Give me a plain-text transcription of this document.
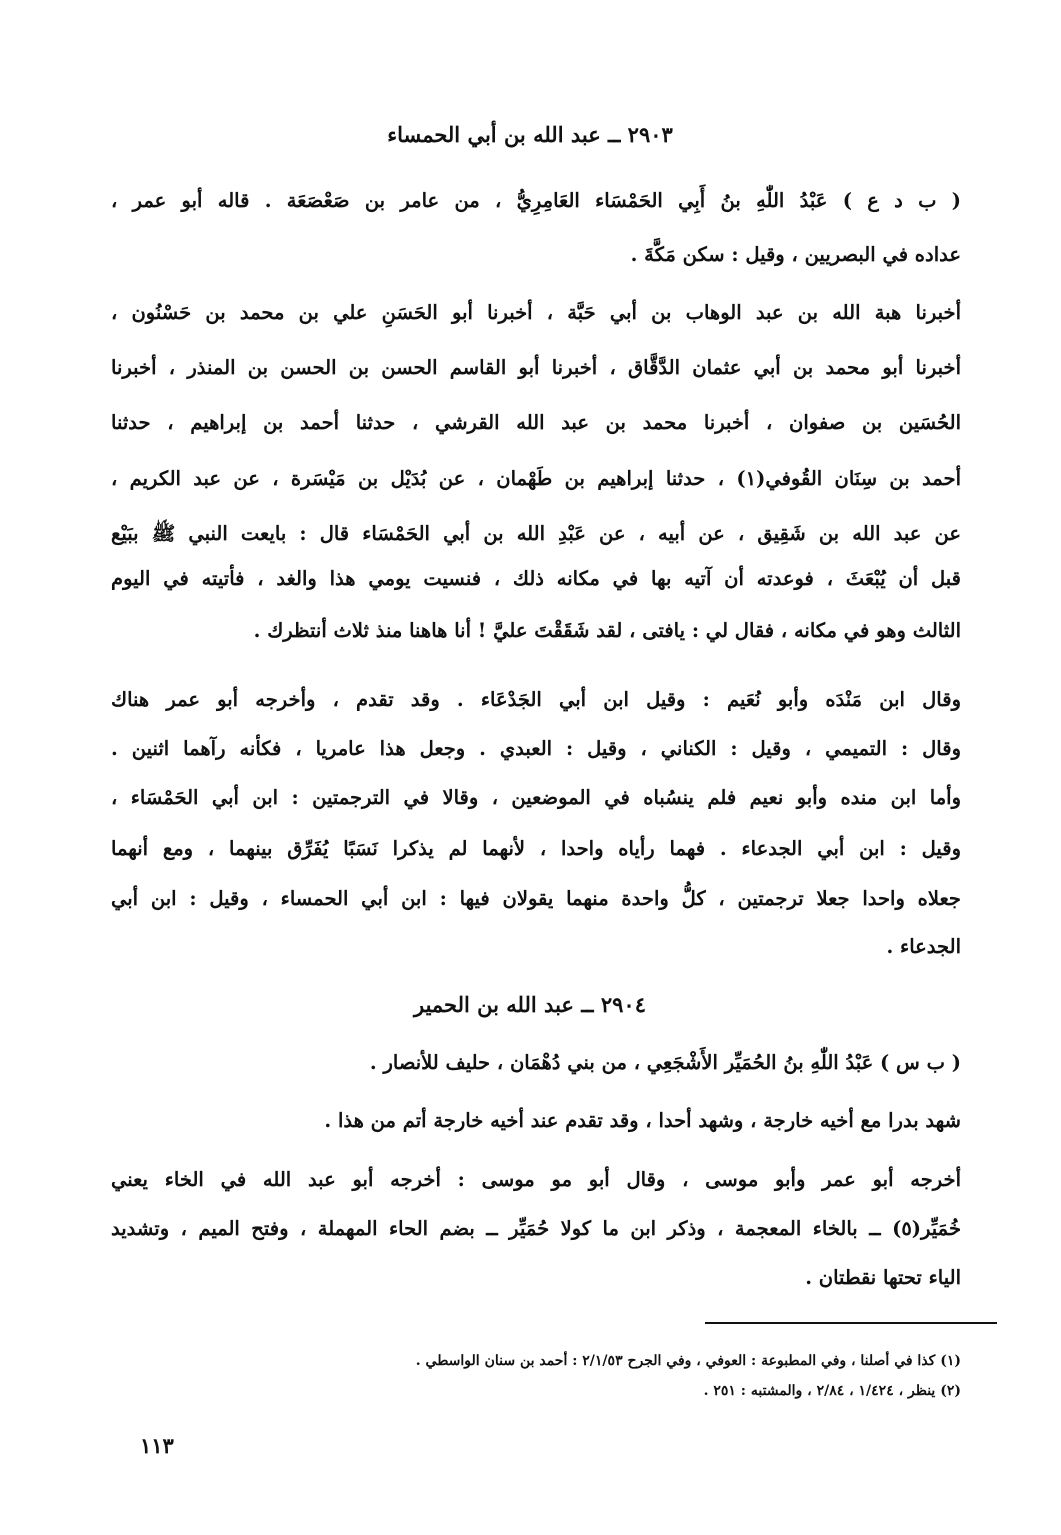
٢٩٠٣ ــ عبد الله بن أبي الحمساء
( ب د ع ) عَبْدُ اللّٰهِ بنُ أَبِي الحَمْسَاء العَامِرِيُّ ، من عامر بن صَعْصَعَة . قاله أبو عمر ،
عداده في البصريين ، وقيل : سكن مَكَّةَ .
أخبرنا هبة الله بن عبد الوهاب بن أبي حَبَّة ، أخبرنا أبو الحَسَنِ علي بن محمد بن حَسْنُون ،
أخبرنا أبو محمد بن أبي عثمان الدَّقَّاق ، أخبرنا أبو القاسم الحسن بن الحسن بن المنذر ، أخبرنا
الحُسَين بن صفوان ، أخبرنا محمد بن عبد الله القرشي ، حدثنا أحمد بن إبراهيم ، حدثنا
أحمد بن سِنَان القُوفي(١) ، حدثنا إبراهيم بن طَهْمان ، عن بُدَيْل بن مَيْسَرة ، عن عبد الكريم ،
عن عبد الله بن شَقِيق ، عن أبيه ، عن عَبْدِ الله بن أبي الحَمْسَاء قال : بايعت النبي ﷺ ببَيْع
قبل أن يُبْعَثَ ، فوعدته أن آتيه بها في مكانه ذلك ، فنسيت يومي هذا والغد ، فأتيته في اليوم
الثالث وهو في مكانه ، فقال لي : يافتى ، لقد شَقَقْتَ عليَّ ! أنا هاهنا منذ ثلاث أنتظرك .
وقال ابن مَنْدَه وأبو نُعَيم : وقيل ابن أبي الجَدْعَاء . وقد تقدم ، وأخرجه أبو عمر هناك
وقال : التميمي ، وقيل : الكناني ، وقيل : العبدي . وجعل هذا عامريا ، فكأنه رآهما اثنين .
وأما ابن منده وأبو نعيم فلم ينسُباه في الموضعين ، وقالا في الترجمتين : ابن أبي الحَمْسَاء ،
وقيل : ابن أبي الجدعاء . فهما رأياه واحدا ، لأنهما لم يذكرا نَسَبًا يُفَرِّق بينهما ، ومع أنهما
جعلاه واحدا جعلا ترجمتين ، كلُّ واحدة منهما يقولان فيها : ابن أبي الحمساء ، وقيل : ابن أبي
الجدعاء .
٢٩٠٤ ــ عبد الله بن الحمير
( ب س ) عَبْدُ اللّٰهِ بنُ الحُمَيِّر الأَشْجَعِي ، من بني دُهْمَان ، حليف للأنصار .
شهد بدرا مع أخيه خارجة ، وشهد أحدا ، وقد تقدم عند أخيه خارجة أتم من هذا .
أخرجه أبو عمر وأبو موسى ، وقال أبو مو موسى : أخرجه أبو عبد الله في الخاء يعني
خُمَيِّر(٥) ــ بالخاء المعجمة ، وذكر ابن ما كولا حُمَيِّر ــ بضم الحاء المهملة ، وفتح الميم ، وتشديد
الياء تحتها نقطتان .
(١) كذا في أصلنا ، وفي المطبوعة : العوفي ، وفي الجرح ٢/١/٥٣ : أحمد بن سنان الواسطي .
(٢) ينظر ، ١/٤٢٤ ، ٢/٨٤ ، والمشتبه : ٢٥١ .
١١٣
